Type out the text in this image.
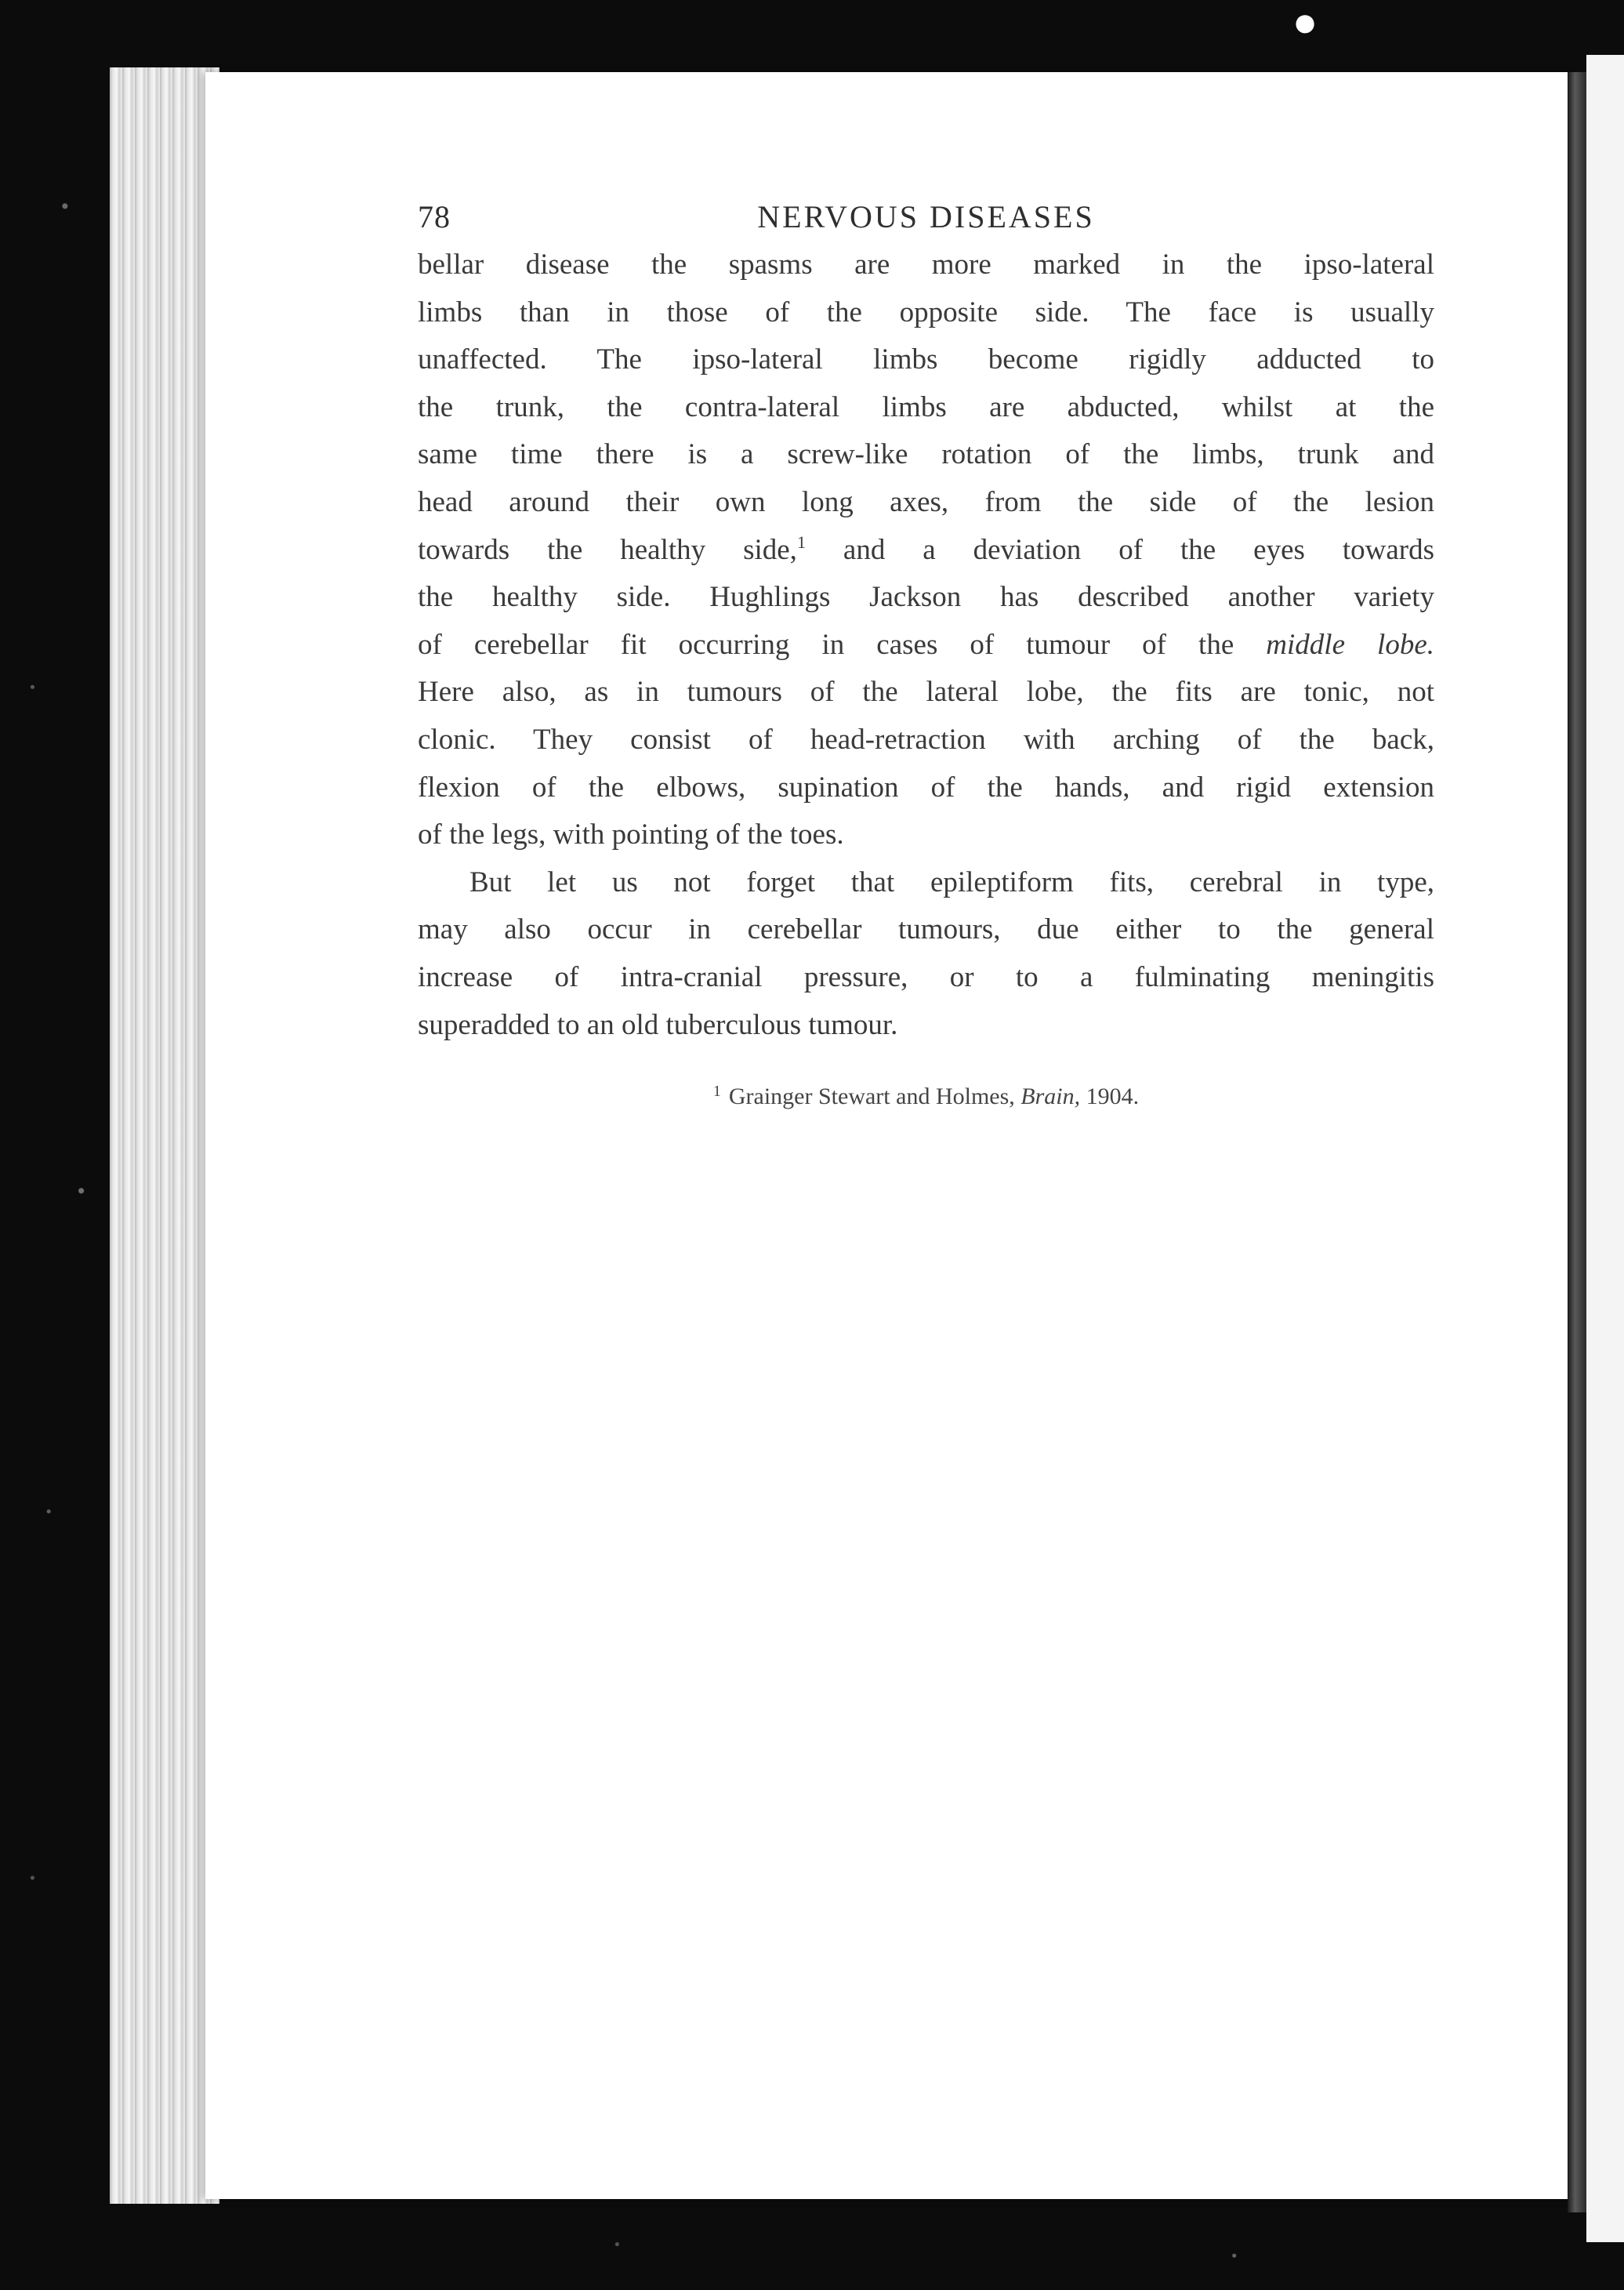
●
78	NERVOUS DISEASES
bellar disease the spasms are more marked in the ipso-lateral
limbs than in those of the opposite side. The face is usually
unaffected. The ipso-lateral limbs become rigidly adducted to
the trunk, the contra-lateral limbs are abducted, whilst at the
same time there is a screw-like rotation of the limbs, trunk and
head around their own long axes, from the side of the lesion
towards the healthy side,$^1$ and a deviation of the eyes towards
the healthy side. Hughlings Jackson has described another variety
of cerebellar fit occurring in cases of tumour of the middle lobe.
Here also, as in tumours of the lateral lobe, the fits are tonic, not
clonic. They consist of head-retraction with arching of the back,
flexion of the elbows, supination of the hands, and rigid extension
of the legs, with pointing of the toes.
But let us not forget that epileptiform fits, cerebral in type,
may also occur in cerebellar tumours, due either to the general
increase of intra-cranial pressure, or to a fulminating meningitis
superadded to an old tuberculous tumour.
$^1$ Grainger Stewart and Holmes, Brain, 1904.
